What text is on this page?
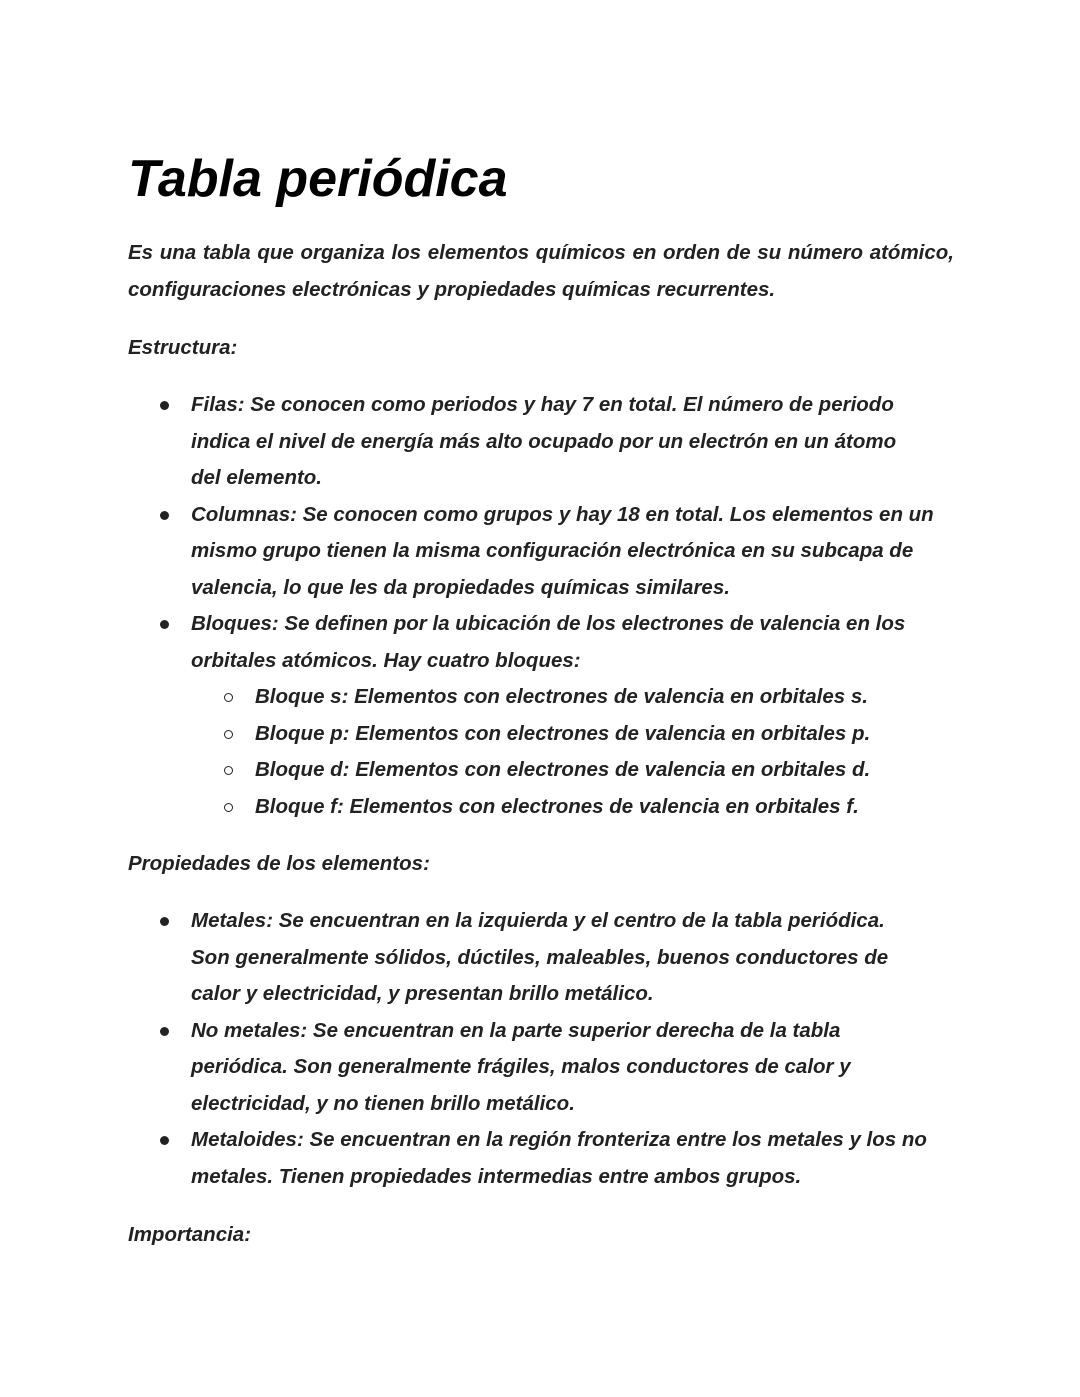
Tabla periódica

Es una tabla que organiza los elementos químicos en orden de su número atómico, configuraciones electrónicas y propiedades químicas recurrentes.

Estructura:
Filas: Se conocen como periodos y hay 7 en total. El número de periodo indica el nivel de energía más alto ocupado por un electrón en un átomo del elemento.
Columnas: Se conocen como grupos y hay 18 en total. Los elementos en un mismo grupo tienen la misma configuración electrónica en su subcapa de valencia, lo que les da propiedades químicas similares.
Bloques: Se definen por la ubicación de los electrones de valencia en los orbitales atómicos. Hay cuatro bloques:
Bloque s: Elementos con electrones de valencia en orbitales s.
Bloque p: Elementos con electrones de valencia en orbitales p.
Bloque d: Elementos con electrones de valencia en orbitales d.
Bloque f: Elementos con electrones de valencia en orbitales f.
Propiedades de los elementos:
Metales: Se encuentran en la izquierda y el centro de la tabla periódica. Son generalmente sólidos, dúctiles, maleables, buenos conductores de calor y electricidad, y presentan brillo metálico.
No metales: Se encuentran en la parte superior derecha de la tabla periódica. Son generalmente frágiles, malos conductores de calor y electricidad, y no tienen brillo metálico.
Metaloides: Se encuentran en la región fronteriza entre los metales y los no metales. Tienen propiedades intermedias entre ambos grupos.
Importancia:
